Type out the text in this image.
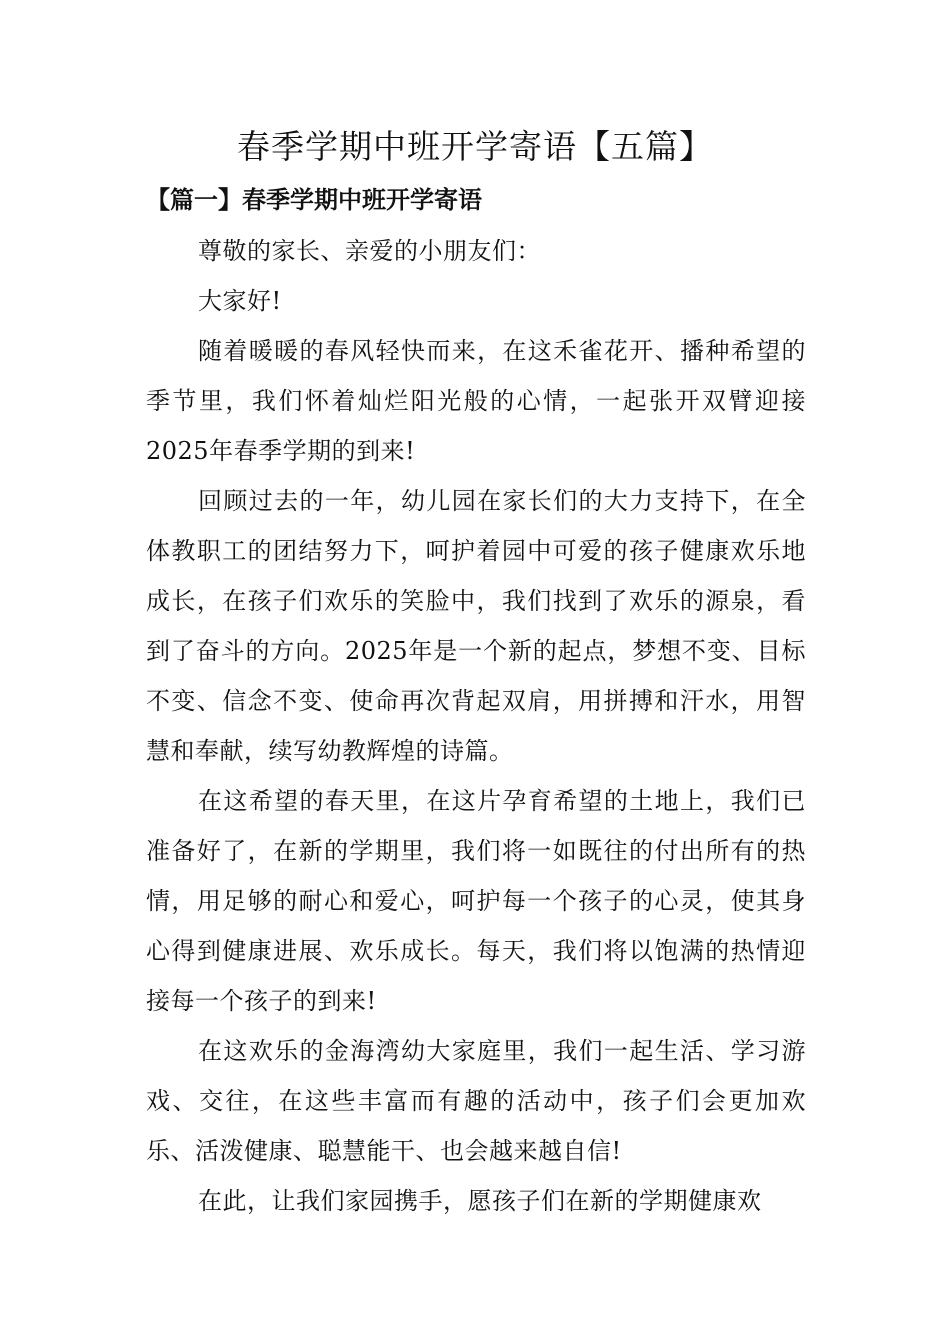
春季学期中班开学寄语【五篇】
【篇一】春季学期中班开学寄语

尊敬的家长、亲爱的小朋友们：

大家好!

随着暖暖的春风轻快而来，在这禾雀花开、播种希望的季节里，我们怀着灿烂阳光般的心情，一起张开双臂迎接2025年春季学期的到来!

回顾过去的一年，幼儿园在家长们的大力支持下，在全体教职工的团结努力下，呵护着园中可爱的孩子健康欢乐地成长，在孩子们欢乐的笑脸中，我们找到了欢乐的源泉，看到了奋斗的方向。2025年是一个新的起点，梦想不变、目标不变、信念不变、使命再次背起双肩，用拼搏和汗水，用智慧和奉献，续写幼教辉煌的诗篇。

在这希望的春天里，在这片孕育希望的土地上，我们已准备好了，在新的学期里，我们将一如既往的付出所有的热情，用足够的耐心和爱心，呵护每一个孩子的心灵，使其身心得到健康进展、欢乐成长。每天，我们将以饱满的热情迎接每一个孩子的到来!

在这欢乐的金海湾幼大家庭里，我们一起生活、学习游戏、交往，在这些丰富而有趣的活动中，孩子们会更加欢乐、活泼健康、聪慧能干、也会越来越自信!

在此，让我们家园携手，愿孩子们在新的学期健康欢
